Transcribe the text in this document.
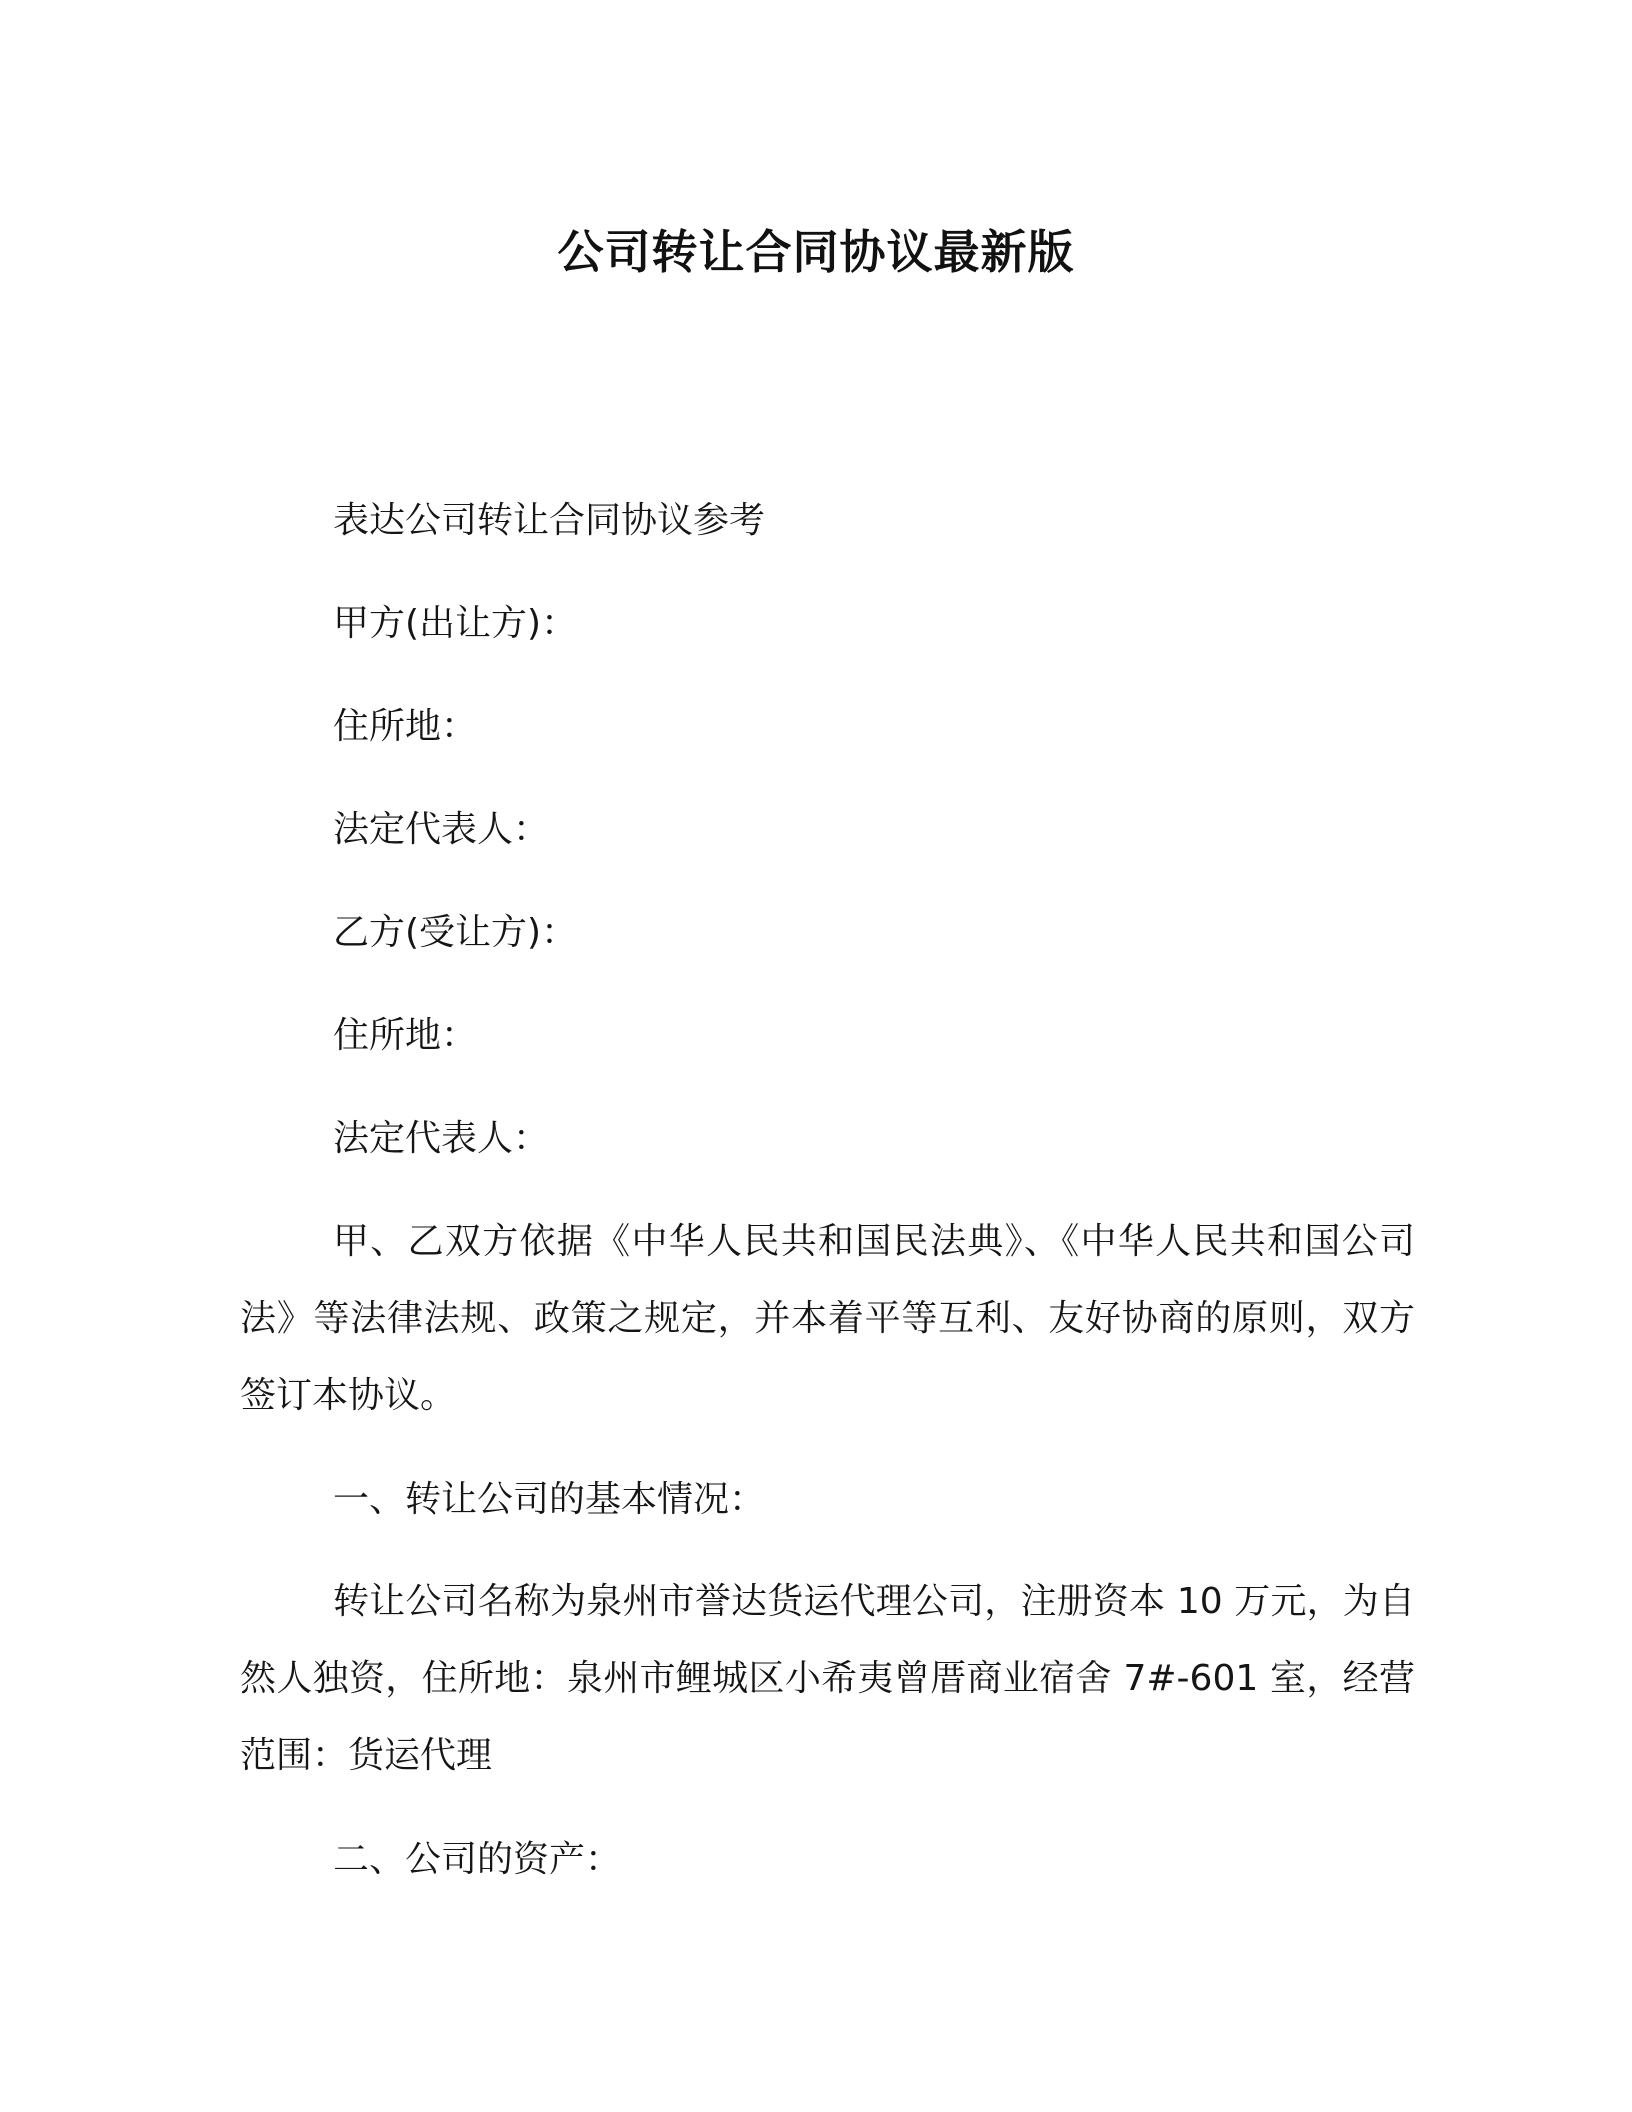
公司转让合同协议最新版
表达公司转让合同协议参考
甲方(出让方)：
住所地：
法定代表人：
乙方(受让方)：
住所地：
法定代表人：
甲、乙双方依据《中华人民共和国民法典》、《中华人民共和国公司法》等法律法规、政策之规定，并本着平等互利、友好协商的原则，双方签订本协议。
一、转让公司的基本情况：
转让公司名称为泉州市誉达货运代理公司，注册资本 10 万元，为自然人独资，住所地：泉州市鲤城区小希夷曾厝商业宿舍 7#-601 室，经营范围：货运代理
二、公司的资产：
